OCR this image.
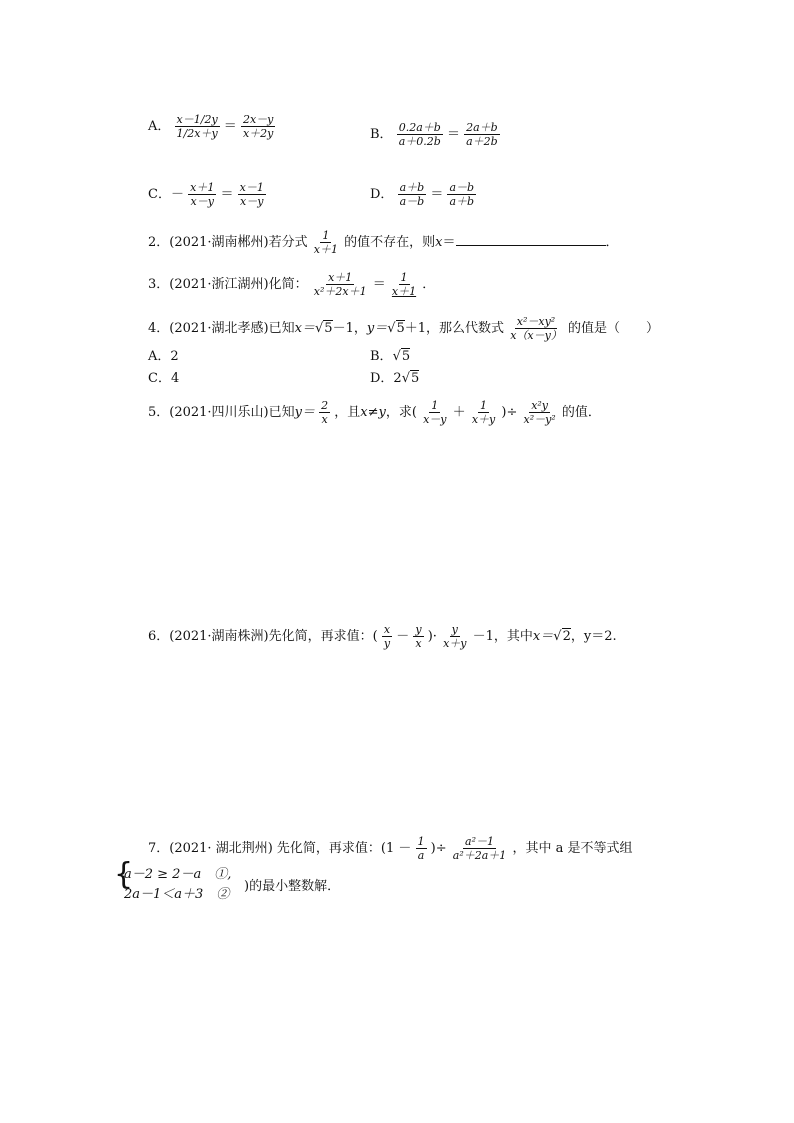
A． $\frac{x-1/2y}{1/2x+y} = \frac{2x-y}{x+2y}$	B． $\frac{0.2a+b}{a+0.2b} = \frac{2a+b}{a+2b}$
C．－ $\frac{x+1}{x-y} = \frac{x-1}{x-y}$	D． $\frac{a+b}{a-b} = \frac{a-b}{a+b}$
2．(2021·湖南郴州)若分式 $\frac{1}{x+1}$ 的值不存在，则x＝	．
3．(2021·浙江湖州)化简： $\frac{x+1}{\text{x²＋2x＋1}} = \frac{1}{x+1}$ ．
4．(2021·湖北孝感)已知x＝√5－1，y＝√5＋1，那么代数式 $\frac{\text{x²－xy²}}{x(x-y)}$ 的值是（　　）
A．2	B．√5
C．4	D．2√5
5．(2021·四川乐山)已知$y= \frac{2}{x}$ ，且x≠y，求( $\frac{1}{x-y} + \frac{1}{x+y}$ )÷ $\frac{\text{x²y}}{\text{x²－y²}}$ 的值．
6．(2021·湖南株洲)先化简，再求值：( $\frac{x}{y} - \frac{y}{x}$ )· $\frac{y}{x+y} -1$，其中x＝√2，y＝2.
7．(2021· 湖北荆州) 先化简，再求值：($1 - \frac{1}{a}$ )÷ $\frac{\text{a²－1}}{\text{a²＋2a＋1}}$ ，其中 a 是不等式组
{
a－2 ≥ 2－a　①,
2a－1＜a＋3　②
)的最小整数解．
